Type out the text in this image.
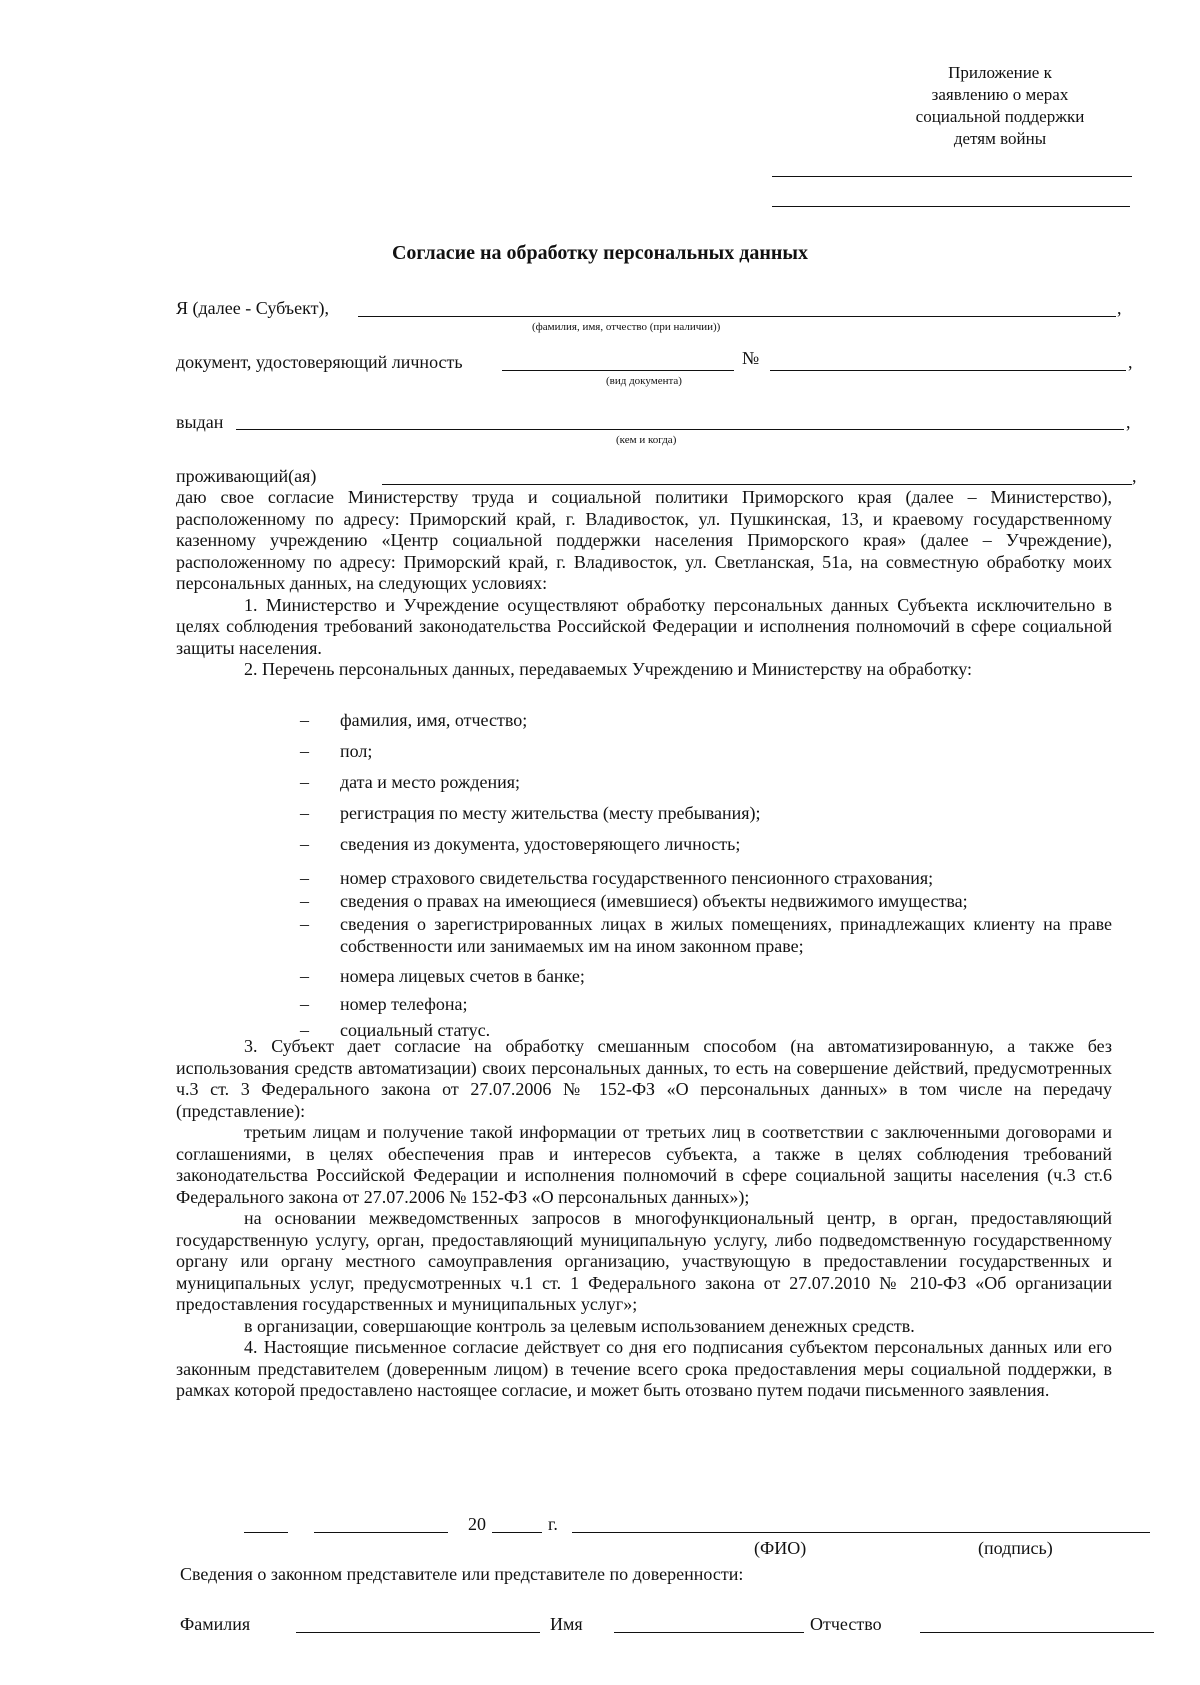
Приложение к
заявлению о мерах
социальной поддержки
детям войны
Согласие на обработку персональных данных
Я (далее - Субъект),	,
(фамилия, имя, отчество (при наличии))
документ, удостоверяющий личность	№	,
(вид документа)
выдан	,
(кем и когда)
проживающий(ая)	,

даю свое согласие Министерству труда и социальной политики Приморского края (далее – Министерство), расположенному по адресу: Приморский край, г. Владивосток, ул. Пушкинская, 13, и краевому государственному казенному учреждению «Центр социальной поддержки населения Приморского края» (далее – Учреждение), расположенному по адресу: Приморский край, г. Владивосток, ул. Светланская, 51а, на совместную обработку моих персональных данных, на следующих условиях:

1. Министерство и Учреждение осуществляют обработку персональных данных Субъекта исключительно в целях соблюдения требований законодательства Российской Федерации и исполнения полномочий в сфере социальной защиты населения.

2. Перечень персональных данных, передаваемых Учреждению и Министерству на обработку:

–	фамилия, имя, отчество;
–	пол;
–	дата и место рождения;
–	регистрация по месту жительства (месту пребывания);
–	сведения из документа, удостоверяющего личность;
–	номер страхового свидетельства государственного пенсионного страхования;
–	сведения о правах на имеющиеся (имевшиеся) объекты недвижимого имущества;
–	сведения о зарегистрированных лицах в жилых помещениях, принадлежащих клиенту на праве собственности или занимаемых им на ином законном праве;
–	номера лицевых счетов в банке;
–	номер телефона;
–	социальный статус.

3. Субъект дает согласие на обработку смешанным способом (на автоматизированную, а также без использования средств автоматизации) своих персональных данных, то есть на совершение действий, предусмотренных ч.3 ст. 3 Федерального закона от 27.07.2006 № 152-ФЗ «О персональных данных» в том числе на передачу (представление):

третьим лицам и получение такой информации от третьих лиц в соответствии с заключенными договорами и соглашениями, в целях обеспечения прав и интересов субъекта, а также в целях соблюдения требований законодательства Российской Федерации и исполнения полномочий в сфере социальной защиты населения (ч.3 ст.6 Федерального закона от 27.07.2006 № 152-ФЗ «О персональных данных»);

на основании межведомственных запросов в многофункциональный центр, в орган, предоставляющий государственную услугу, орган, предоставляющий муниципальную услугу, либо подведомственную государственному органу или органу местного самоуправления организацию, участвующую в предоставлении государственных и муниципальных услуг, предусмотренных ч.1 ст. 1 Федерального закона от 27.07.2010 № 210-ФЗ «Об организации предоставления государственных и муниципальных услуг»;

в организации, совершающие контроль за целевым использованием денежных средств.

4. Настоящие письменное согласие действует со дня его подписания субъектом персональных данных или его законным представителем (доверенным лицом) в течение всего срока предоставления меры социальной поддержки, в рамках которой предоставлено настоящее согласие, и может быть отозвано путем подачи письменного заявления.

20	г.
(ФИО)	(подпись)
Сведения о законном представителе или представителе по доверенности:
Фамилия	Имя	Отчество
